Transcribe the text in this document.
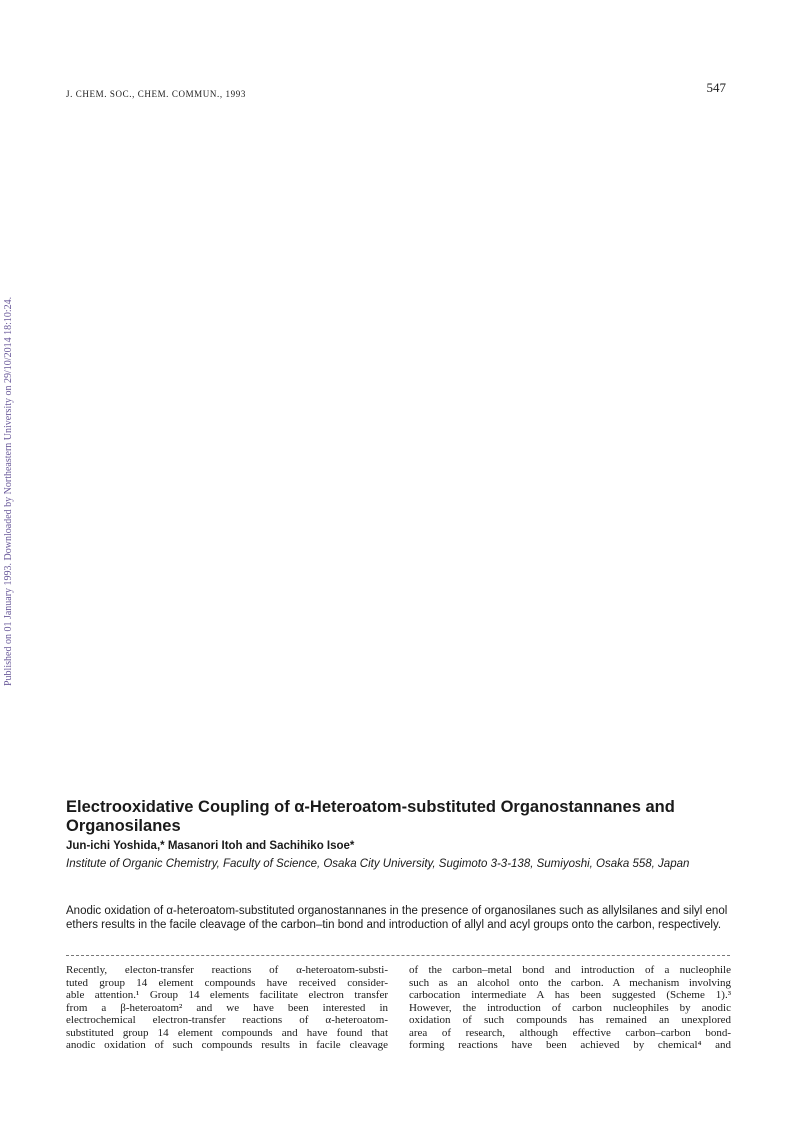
J. CHEM. SOC., CHEM. COMMUN., 1993	547
Published on 01 January 1993. Downloaded by Northeastern University on 29/10/2014 18:10:24.
Electrooxidative Coupling of α-Heteroatom-substituted Organostannanes and Organosilanes
Jun-ichi Yoshida,* Masanori Itoh and Sachihiko Isoe*
Institute of Organic Chemistry, Faculty of Science, Osaka City University, Sugimoto 3-3-138, Sumiyoshi, Osaka 558, Japan
Anodic oxidation of α-heteroatom-substituted organostannanes in the presence of organosilanes such as allylsilanes and silyl enol ethers results in the facile cleavage of the carbon–tin bond and introduction of allyl and acyl groups onto the carbon, respectively.
Recently, electon-transfer reactions of α-heteroatom-substi-
tuted group 14 element compounds have received consider-
able attention.¹ Group 14 elements facilitate electron transfer
from a β-heteroatom² and we have been interested in
electrochemical electron-transfer reactions of α-heteroatom-
substituted group 14 element compounds and have found that
anodic oxidation of such compounds results in facile cleavage
of the carbon–metal bond and introduction of a nucleophile
such as an alcohol onto the carbon. A mechanism involving
carbocation intermediate A has been suggested (Scheme 1).³
However, the introduction of carbon nucleophiles by anodic
oxidation of such compounds has remained an unexplored
area of research, although effective carbon–carbon bond-
forming reactions have been achieved by chemical⁴ and
